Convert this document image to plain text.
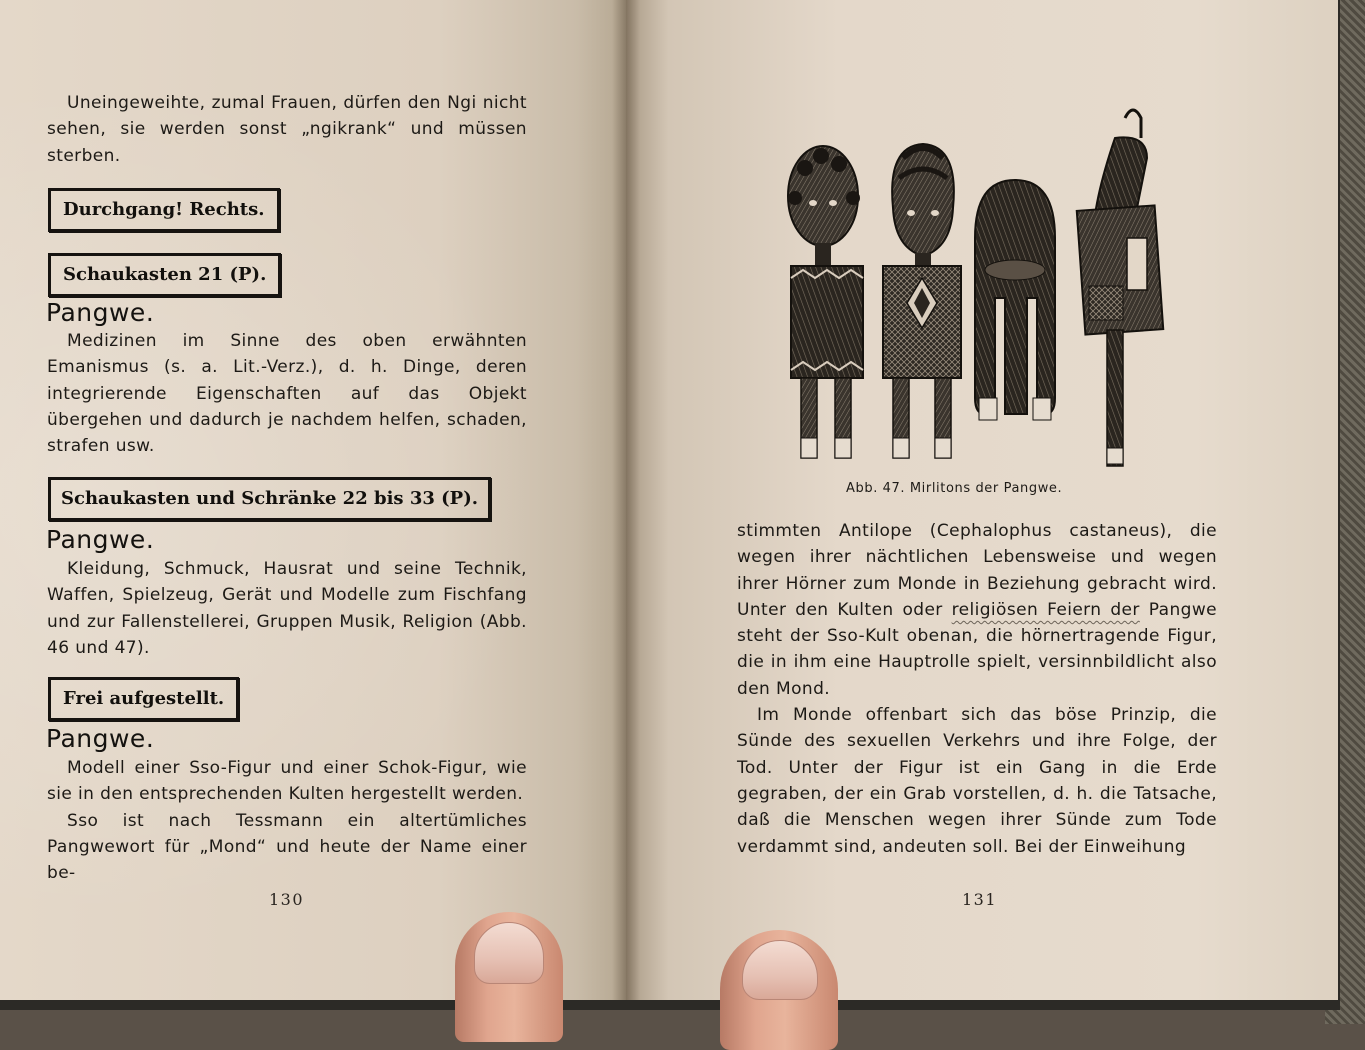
Uneingeweihte, zumal Frauen, dürfen den Ngi nicht sehen, sie werden sonst „ngikrank“ und müssen sterben.

Durchgang! Rechts.
Schaukasten 21 (P).
Pangwe.

Medizinen im Sinne des oben erwähnten Emanismus (s. a. Lit.-Verz.), d. h. Dinge, deren integrierende Eigenschaften auf das Objekt übergehen und dadurch je nachdem helfen, schaden, strafen usw.

Schaukasten und Schränke 22 bis 33 (P).
Pangwe.

Kleidung, Schmuck, Hausrat und seine Technik, Waffen, Spielzeug, Gerät und Modelle zum Fischfang und zur Fallenstellerei, Gruppen Musik, Religion (Abb. 46 und 47).

Frei aufgestellt.
Pangwe.

Modell einer Sso-Figur und einer Schok-Figur, wie sie in den entsprechenden Kulten hergestellt werden.

Sso ist nach Tessmann ein altertümliches Pangwewort für „Mond“ und heute der Name einer be-

130
Abb. 47. Mirlitons der Pangwe.

stimmten Antilope (Cephalophus castaneus), die wegen ihrer nächtlichen Lebensweise und wegen ihrer Hörner zum Monde in Beziehung gebracht wird. Unter den Kulten oder religiösen Feiern der Pangwe steht der Sso-Kult obenan, die hörnertragende Figur, die in ihm eine Hauptrolle spielt, versinnbildlicht also den Mond.

Im Monde offenbart sich das böse Prinzip, die Sünde des sexuellen Verkehrs und ihre Folge, der Tod. Unter der Figur ist ein Gang in die Erde gegraben, der ein Grab vorstellen, d. h. die Tatsache, daß die Menschen wegen ihrer Sünde zum Tode verdammt sind, andeuten soll. Bei der Einweihung

131
